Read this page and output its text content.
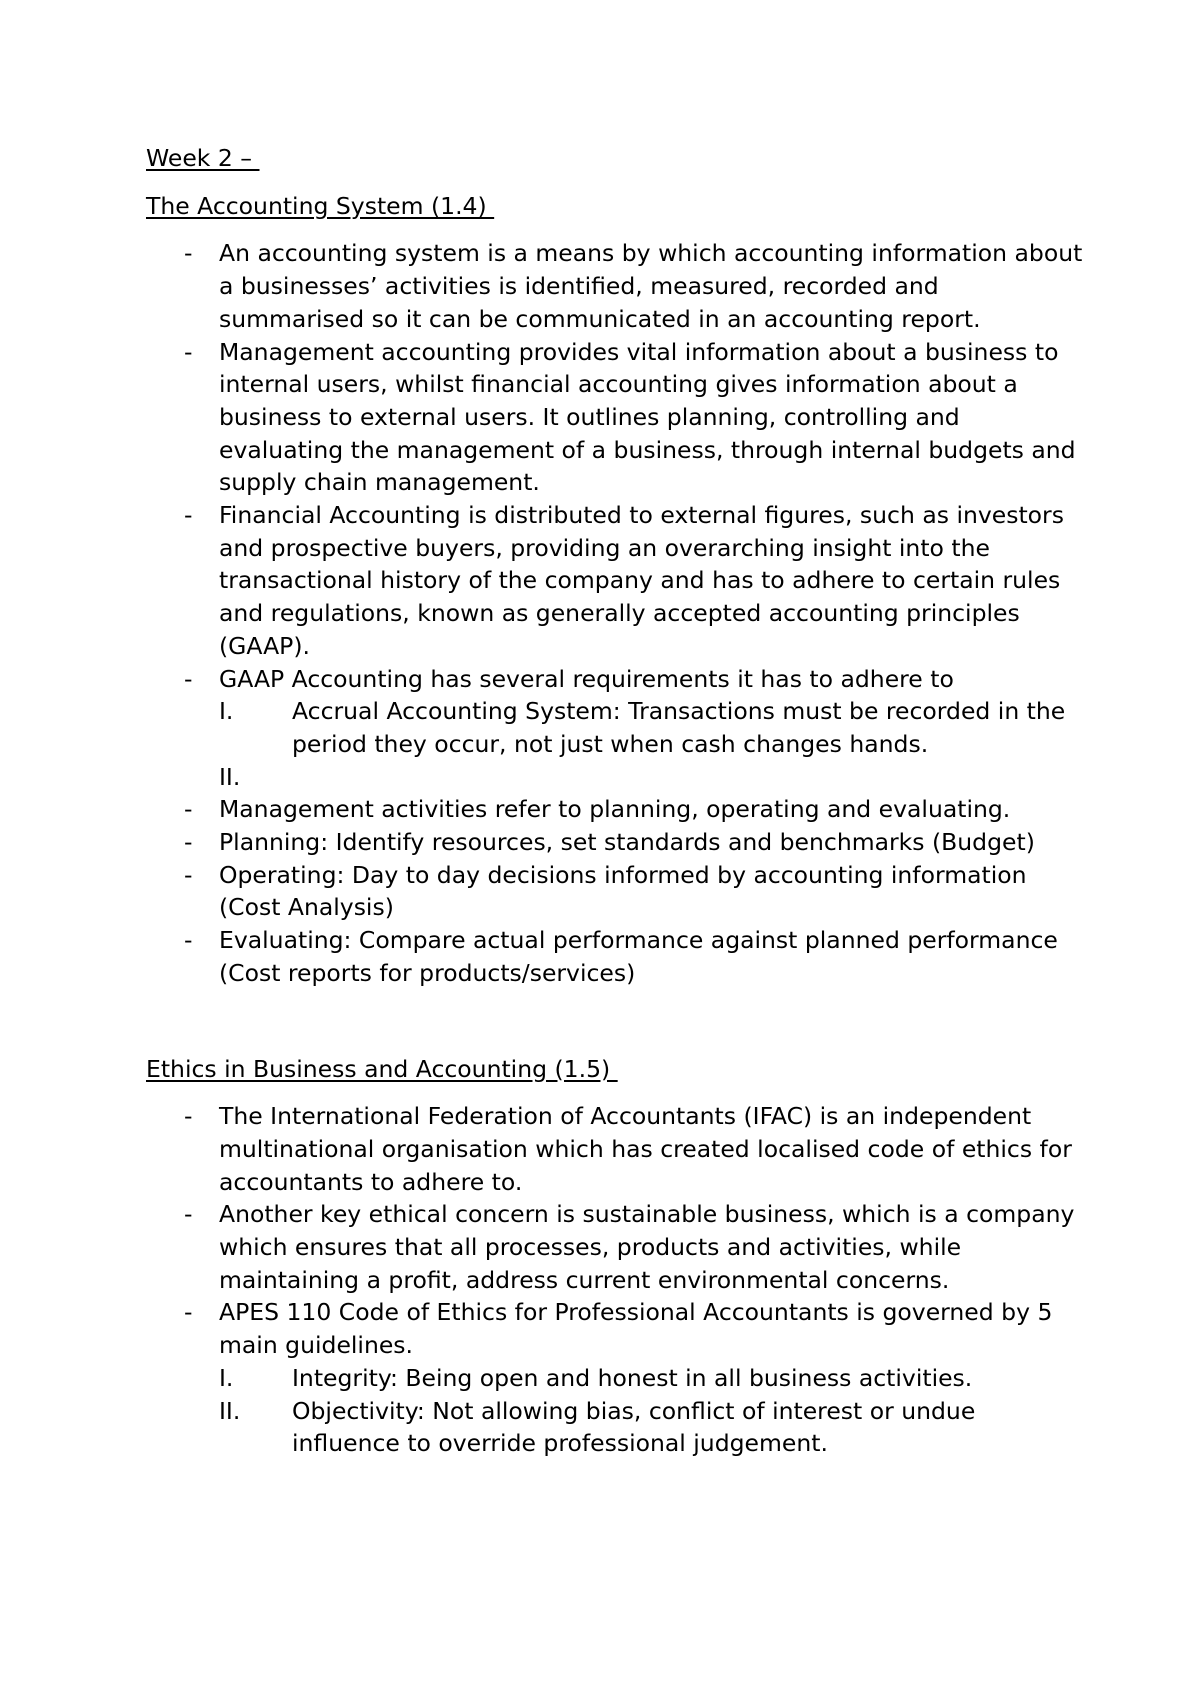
Week 2 –
The Accounting System (1.4)
- An accounting system is a means by which accounting information about a businesses’ activities is identified, measured, recorded and summarised so it can be communicated in an accounting report.
- Management accounting provides vital information about a business to internal users, whilst financial accounting gives information about a business to external users. It outlines planning, controlling and evaluating the management of a business, through internal budgets and supply chain management.
- Financial Accounting is distributed to external figures, such as investors and prospective buyers, providing an overarching insight into the transactional history of the company and has to adhere to certain rules and regulations, known as generally accepted accounting principles (GAAP).
- GAAP Accounting has several requirements it has to adhere to
I. Accrual Accounting System: Transactions must be recorded in the period they occur, not just when cash changes hands.
II.
- Management activities refer to planning, operating and evaluating.
- Planning: Identify resources, set standards and benchmarks (Budget)
- Operating: Day to day decisions informed by accounting information (Cost Analysis)
- Evaluating: Compare actual performance against planned performance (Cost reports for products/services)
Ethics in Business and Accounting (1.5)
- The International Federation of Accountants (IFAC) is an independent multinational organisation which has created localised code of ethics for accountants to adhere to.
- Another key ethical concern is sustainable business, which is a company which ensures that all processes, products and activities, while maintaining a profit, address current environmental concerns.
- APES 110 Code of Ethics for Professional Accountants is governed by 5 main guidelines.
I. Integrity: Being open and honest in all business activities.
II. Objectivity: Not allowing bias, conflict of interest or undue influence to override professional judgement.
